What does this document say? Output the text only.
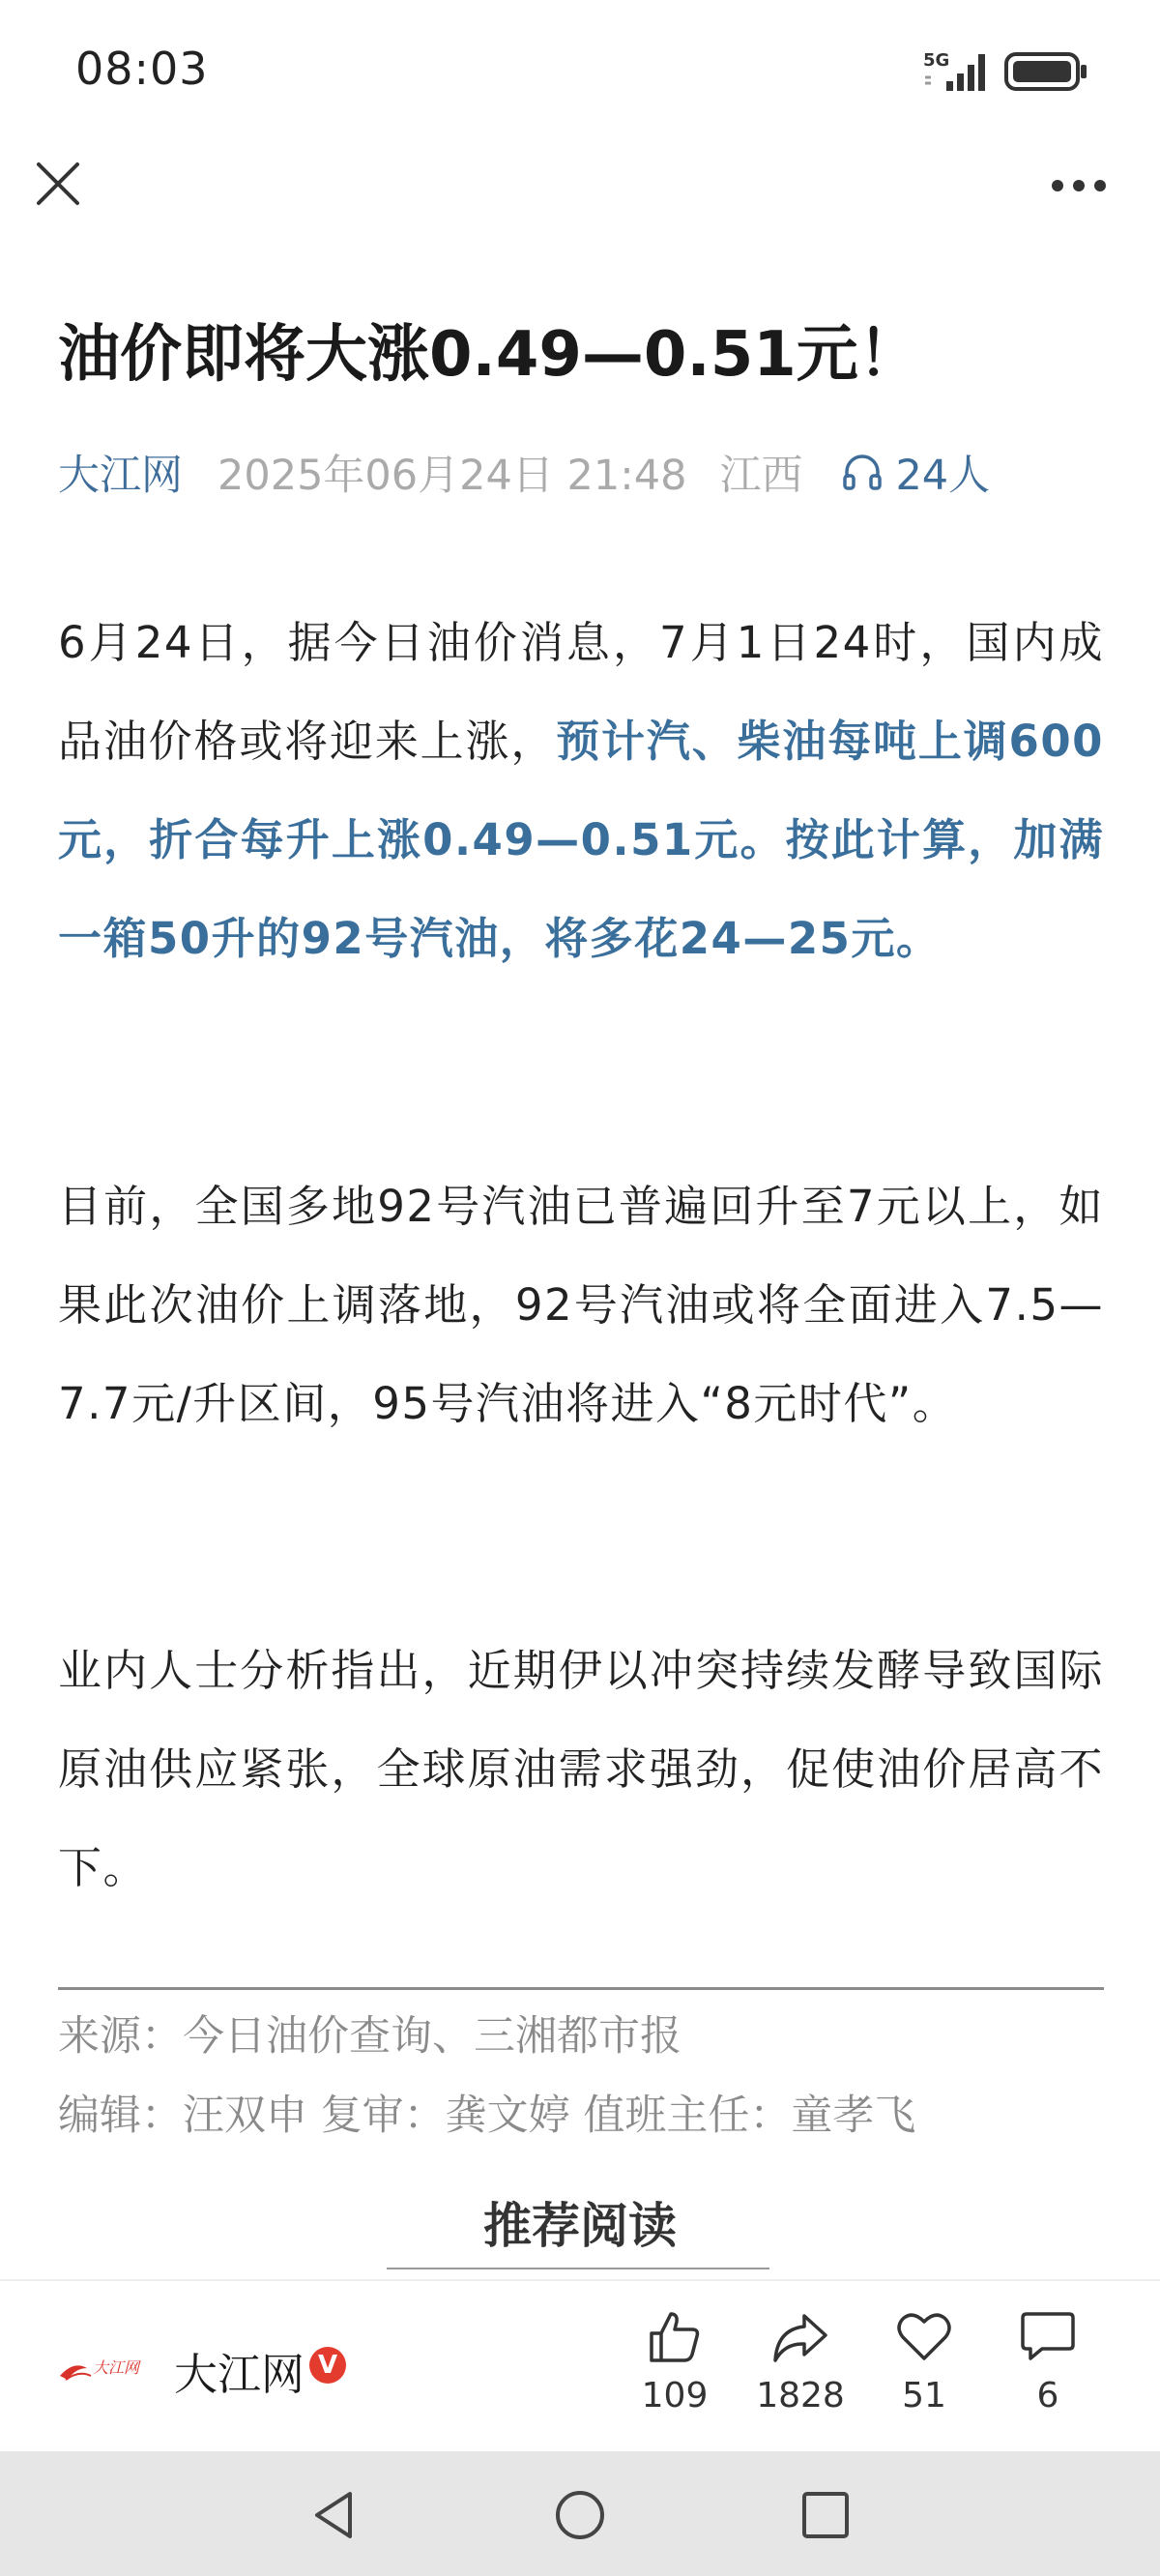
08:03	5G
油价即将大涨0.49—0.51元！
大江网 2025年06月24日 21:48 江西 24人

6月24日，据今日油价消息，7月1日24时，国内成品油价格或将迎来上涨，预计汽、柴油每吨上调600元，折合每升上涨0.49—0.51元。按此计算，加满一箱50升的92号汽油，将多花24—25元。

目前，全国多地92号汽油已普遍回升至7元以上，如果此次油价上调落地，92号汽油或将全面进入7.5—7.7元/升区间，95号汽油将进入“8元时代”。

业内人士分析指出，近期伊以冲突持续发酵导致国际原油供应紧张，全球原油需求强劲，促使油价居高不下。

来源：今日油价查询、三湘都市报
编辑：汪双申 复审：龚文婷 值班主任：童孝飞
推荐阅读
大江网 大江网 V
109	1828	51	6
